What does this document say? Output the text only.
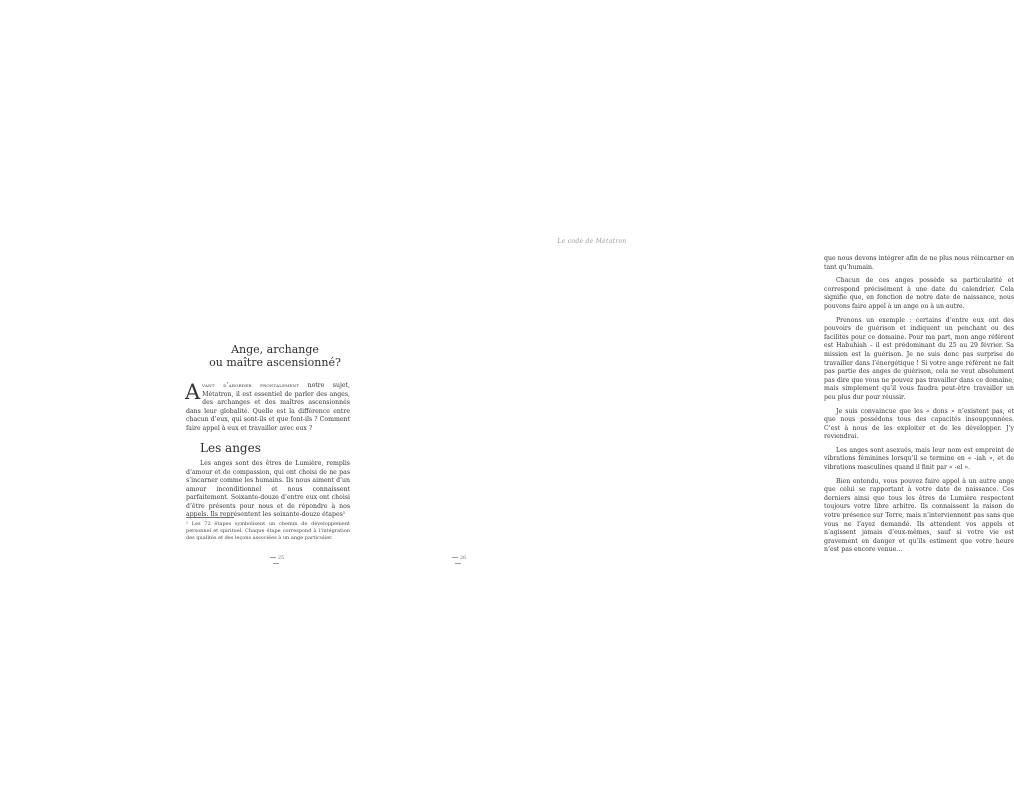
Ange, archange
ou maître ascensionné?

Avant d’aborder frontalement notre sujet, Métatron, il est essentiel de parler des anges, des archanges et des maîtres ascensionnés dans leur globalité. Quelle est la différence entre chacun d’eux, qui sont-ils et que font-ils ? Comment faire appel à eux et travailler avec eux ?

Les anges

Les anges sont des êtres de Lumière, remplis d’amour et de compassion, qui ont choisi de ne pas s’incarner comme les humains. Ils nous aiment d’un amour inconditionnel et nous connaissent parfaitement. Soixante-douze d’entre eux ont choisi d’être présents pour nous et de répondre à nos appels. Ils représentent les soixante-douze étapes¹

¹ Les 72 étapes symbolisent un chemin de développement personnel et spirituel. Chaque étape correspond à l’intégration des qualités et des leçons associées à un ange particulier.

25
Le code de Métatron

que nous devons intégrer afin de ne plus nous réincarner en tant qu’humain.

Chacun de ces anges possède sa particularité et correspond précisément à une date du calendrier. Cela signifie que, en fonction de notre date de naissance, nous pouvons faire appel à un ange ou à un autre.

Prenons un exemple : certains d’entre eux ont des pouvoirs de guérison et indiquent un penchant ou des facilités pour ce domaine. Pour ma part, mon ange référent est Habuhiah – il est prédominant du 25 au 29 février. Sa mission est la guérison. Je ne suis donc pas surprise de travailler dans l’énergétique ! Si votre ange référent ne fait pas partie des anges de guérison, cela ne veut absolument pas dire que vous ne pouvez pas travailler dans ce domaine, mais simplement qu’il vous faudra peut-être travailler un peu plus dur pour réussir.

Je suis convaincue que les « dons » n’existent pas, et que nous possédons tous des capacités insoupçonnées. C’est à nous de les exploiter et de les développer. J’y reviendrai.

Les anges sont asexués, mais leur nom est empreint de vibrations féminines lorsqu’il se termine en « -iah », et de vibrations masculines quand il finit par « -el ».

Bien entendu, vous pouvez faire appel à un autre ange que celui se rapportant à votre date de naissance. Ces derniers ainsi que tous les êtres de Lumière respectent toujours votre libre arbitre. Ils connaissent la raison de votre présence sur Terre, mais n’interviennent pas sans que vous ne l’ayez demandé. Ils attendent vos appels et n’agissent jamais d’eux-mêmes, sauf si votre vie est gravement en danger et qu’ils estiment que votre heure n’est pas encore venue…

26
